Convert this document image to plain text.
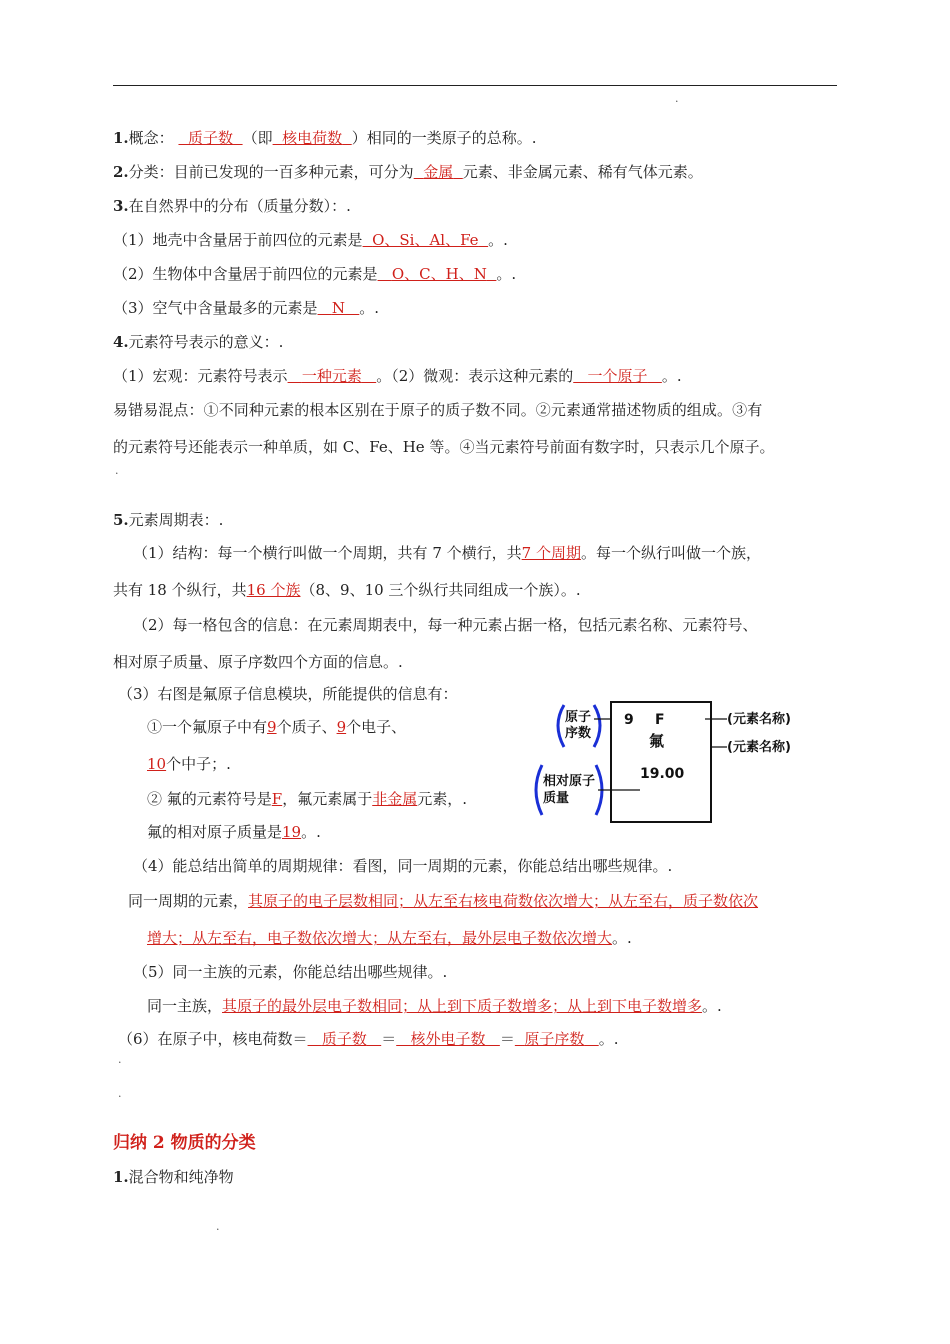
.
1.概念： 质子数 （即 核电荷数 ）相同的一类原子的总称。.
2.分类：目前已发现的一百多种元素，可分为 金属 元素、非金属元素、稀有气体元素。
3.在自然界中的分布（质量分数）：.
（1）地壳中含量居于前四位的元素是 O、Si、Al、Fe 。.
（2）生物体中含量居于前四位的元素是 O、C、H、N 。.
（3）空气中含量最多的元素是 N 。.
4.元素符号表示的意义：.
（1）宏观：元素符号表示 一种元素 。（2）微观：表示这种元素的 一个原子 。.
易错易混点：①不同种元素的根本区别在于原子的质子数不同。②元素通常描述物质的组成。③有
的元素符号还能表示一种单质，如 C、Fe、He 等。④当元素符号前面有数字时，只表示几个原子。
.
5.元素周期表：.
（1）结构：每一个横行叫做一个周期，共有 7 个横行，共7 个周期。每一个纵行叫做一个族，
共有 18 个纵行，共16 个族（8、9、10 三个纵行共同组成一个族）。.
（2）每一格包含的信息：在元素周期表中，每一种元素占据一格，包括元素名称、元素符号、
相对原子质量、原子序数四个方面的信息。.
（3）右图是氟原子信息模块，所能提供的信息有：
①一个氟原子中有9个质子、9个电子、
10个中子；.
② 氟的元素符号是F，氟元素属于非金属元素，.
氟的相对原子质量是19。.
9 F
氟
19.00
原子
序数
相对原子
质量
(元素名称)
(元素名称)
（4）能总结出简单的周期规律：看图，同一周期的元素，你能总结出哪些规律。.
同一周期的元素，其原子的电子层数相同；从左至右核电荷数依次增大；从左至右，质子数依次
增大；从左至右，电子数依次增大；从左至右，最外层电子数依次增大。.
（5）同一主族的元素，你能总结出哪些规律。.
同一主族，其原子的最外层电子数相同；从上到下质子数增多；从上到下电子数增多。.
（6）在原子中，核电荷数＝ 质子数 ＝ 核外电子数 ＝ 原子序数 。.
.
.
归纳 2 物质的分类
1.混合物和纯净物
.
